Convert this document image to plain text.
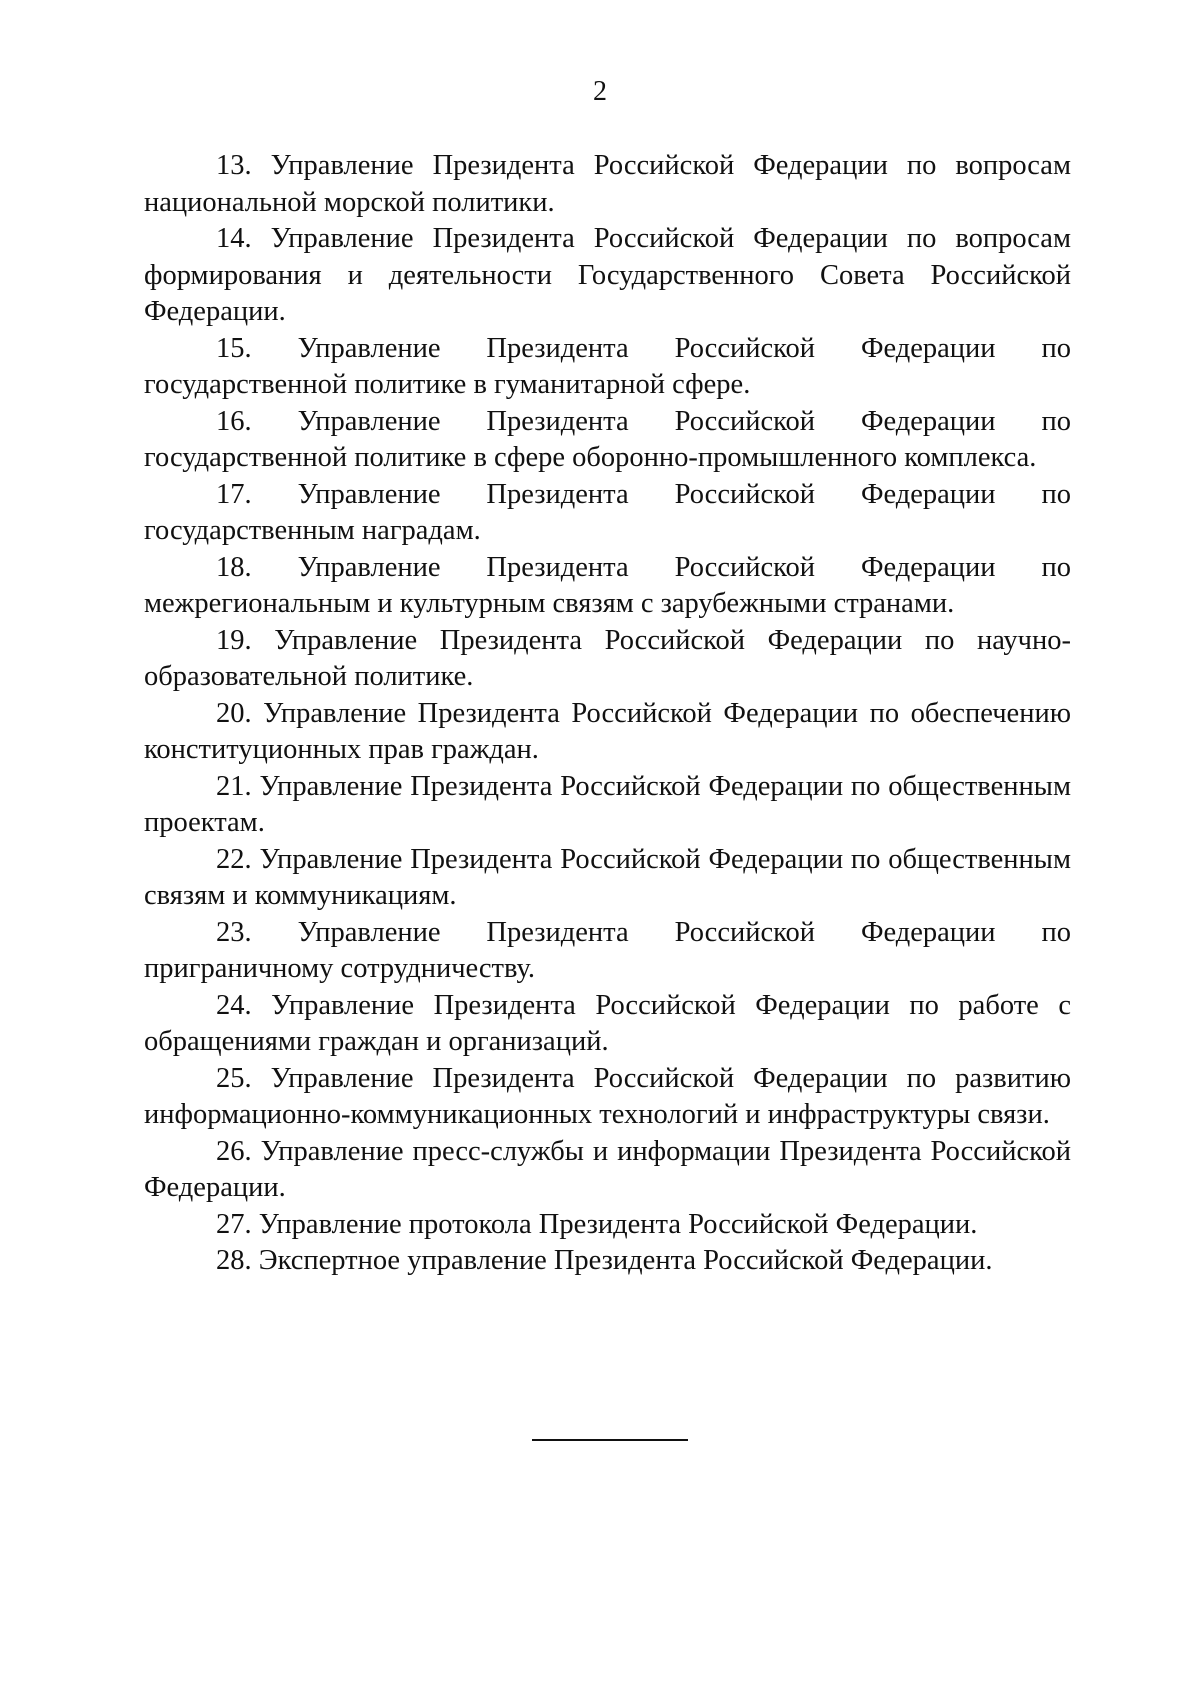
2
13. Управление Президента Российской Федерации по вопросам национальной морской политики.
14. Управление Президента Российской Федерации по вопросам формирования и деятельности Государственного Совета Российской Федерации.
15. Управление Президента Российской Федерации по государственной политике в гуманитарной сфере.
16. Управление Президента Российской Федерации по государственной политике в сфере оборонно-промышленного комплекса.
17. Управление Президента Российской Федерации по государственным наградам.
18. Управление Президента Российской Федерации по межрегиональным и культурным связям с зарубежными странами.
19. Управление Президента Российской Федерации по научно-образовательной политике.
20. Управление Президента Российской Федерации по обеспечению конституционных прав граждан.
21. Управление Президента Российской Федерации по общественным проектам.
22. Управление Президента Российской Федерации по общественным связям и коммуникациям.
23. Управление Президента Российской Федерации по приграничному сотрудничеству.
24. Управление Президента Российской Федерации по работе с обращениями граждан и организаций.
25. Управление Президента Российской Федерации по развитию информационно-коммуникационных технологий и инфраструктуры связи.
26. Управление пресс-службы и информации Президента Российской Федерации.
27. Управление протокола Президента Российской Федерации.
28. Экспертное управление Президента Российской Федерации.
